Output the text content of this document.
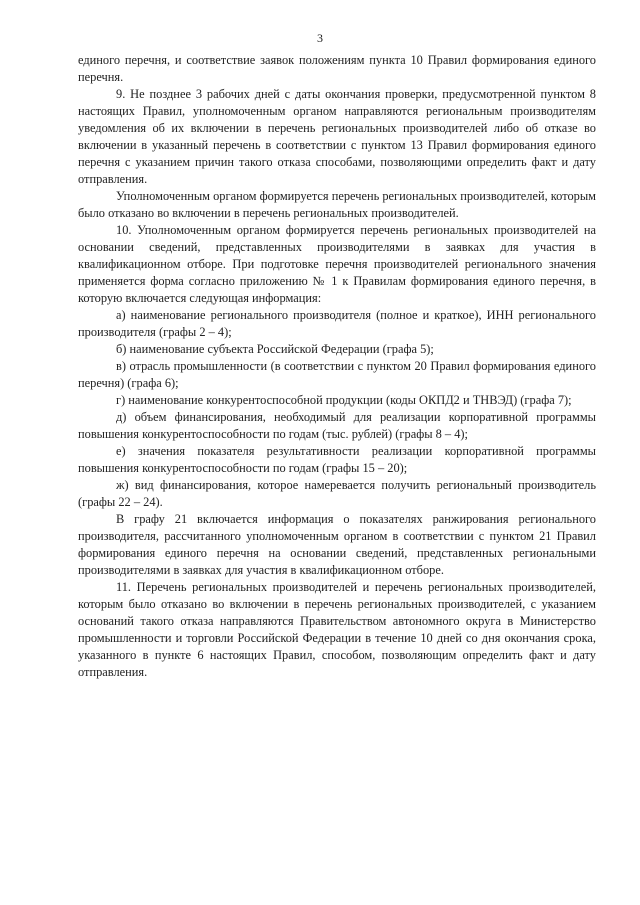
3

единого перечня, и соответствие заявок положениям пункта 10 Правил формирования единого перечня.

9. Не позднее 3 рабочих дней с даты окончания проверки, предусмотренной пунктом 8 настоящих Правил, уполномоченным органом направляются региональным производителям уведомления об их включении в перечень региональных производителей либо об отказе во включении в указанный перечень в соответствии с пунктом 13 Правил формирования единого перечня с указанием причин такого отказа способами, позволяющими определить факт и дату отправления.

Уполномоченным органом формируется перечень региональных производителей, которым было отказано во включении в перечень региональных производителей.

10. Уполномоченным органом формируется перечень региональных производителей на основании сведений, представленных производителями в заявках для участия в квалификационном отборе. При подготовке перечня производителей регионального значения применяется форма согласно приложению № 1 к Правилам формирования единого перечня, в которую включается следующая информация:

а) наименование регионального производителя (полное и краткое), ИНН регионального производителя (графы 2 – 4);

б) наименование субъекта Российской Федерации (графа 5);

в) отрасль промышленности (в соответствии с пунктом 20 Правил формирования единого перечня) (графа 6);

г) наименование конкурентоспособной продукции (коды ОКПД2 и ТНВЭД) (графа 7);

д) объем финансирования, необходимый для реализации корпоративной программы повышения конкурентоспособности по годам (тыс. рублей) (графы 8 – 4);

е) значения показателя результативности реализации корпоративной программы повышения конкурентоспособности по годам (графы 15 – 20);

ж) вид финансирования, которое намеревается получить региональный производитель (графы 22 – 24).

В графу 21 включается информация о показателях ранжирования регионального производителя, рассчитанного уполномоченным органом в соответствии с пунктом 21 Правил формирования единого перечня на основании сведений, представленных региональными производителями в заявках для участия в квалификационном отборе.

11. Перечень региональных производителей и перечень региональных производителей, которым было отказано во включении в перечень региональных производителей, с указанием оснований такого отказа направляются Правительством автономного округа в Министерство промышленности и торговли Российской Федерации в течение 10 дней со дня окончания срока, указанного в пункте 6 настоящих Правил, способом, позволяющим определить факт и дату отправления.
